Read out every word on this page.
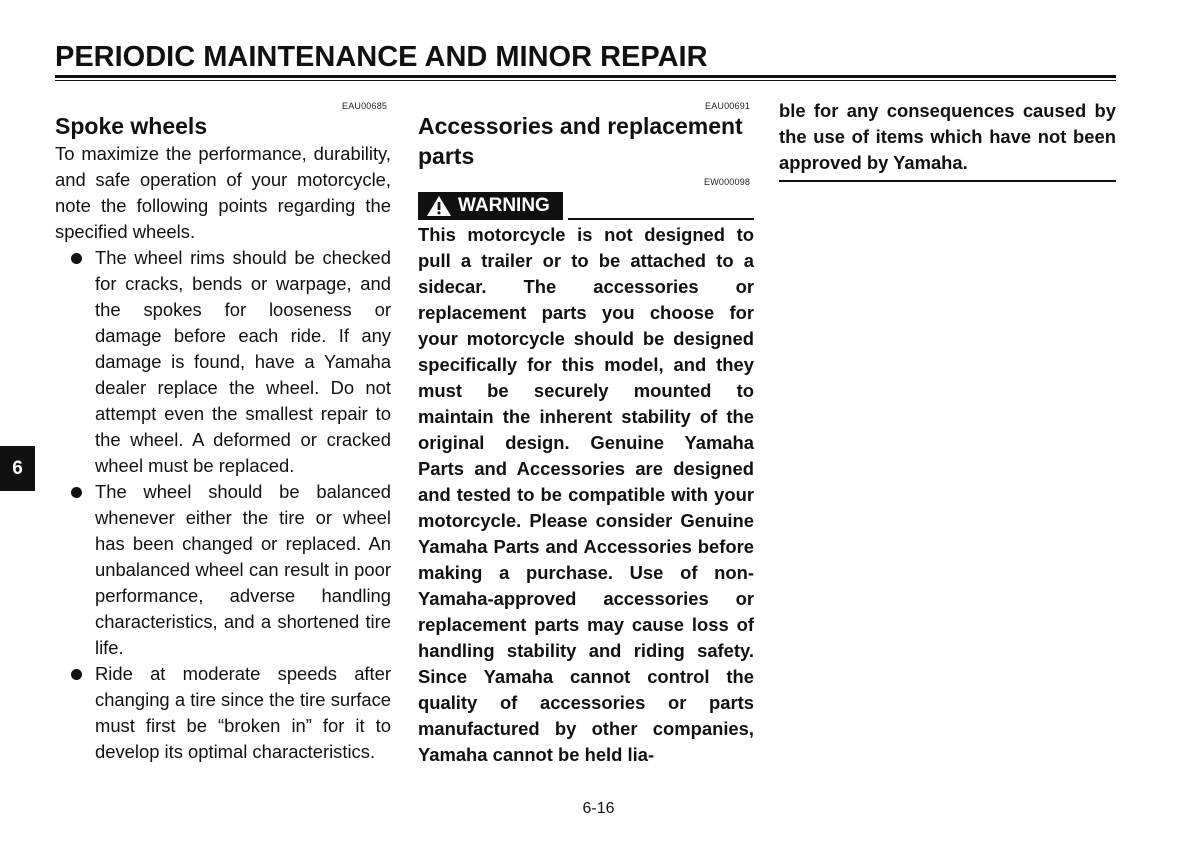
PERIODIC MAINTENANCE AND MINOR REPAIR
EAU00685
Spoke wheels

To maximize the performance, durability, and safe operation of your motorcycle, note the following points regarding the specified wheels.

The wheel rims should be checked for cracks, bends or warpage, and the spokes for looseness or damage before each ride. If any damage is found, have a Yamaha dealer replace the wheel. Do not attempt even the smallest repair to the wheel. A deformed or cracked wheel must be replaced.
The wheel should be balanced whenever either the tire or wheel has been changed or replaced. An unbalanced wheel can result in poor performance, adverse handling characteristics, and a shortened tire life.
Ride at moderate speeds after changing a tire since the tire surface must first be “broken in” for it to develop its optimal characteristics.
EAU00691
Accessories and replacement parts
EW000098
WARNING

This motorcycle is not designed to pull a trailer or to be attached to a sidecar. The accessories or replacement parts you choose for your motorcycle should be designed specifically for this model, and they must be securely mounted to maintain the inherent stability of the original design. Genuine Yamaha Parts and Accessories are designed and tested to be compatible with your motorcycle. Please consider Genuine Yamaha Parts and Accessories before making a purchase. Use of non-Yamaha-approved accessories or replacement parts may cause loss of handling stability and riding safety. Since Yamaha cannot control the quality of accessories or parts manufactured by other companies, Yamaha cannot be held lia-

ble for any consequences caused by the use of items which have not been approved by Yamaha.

6
6-16
